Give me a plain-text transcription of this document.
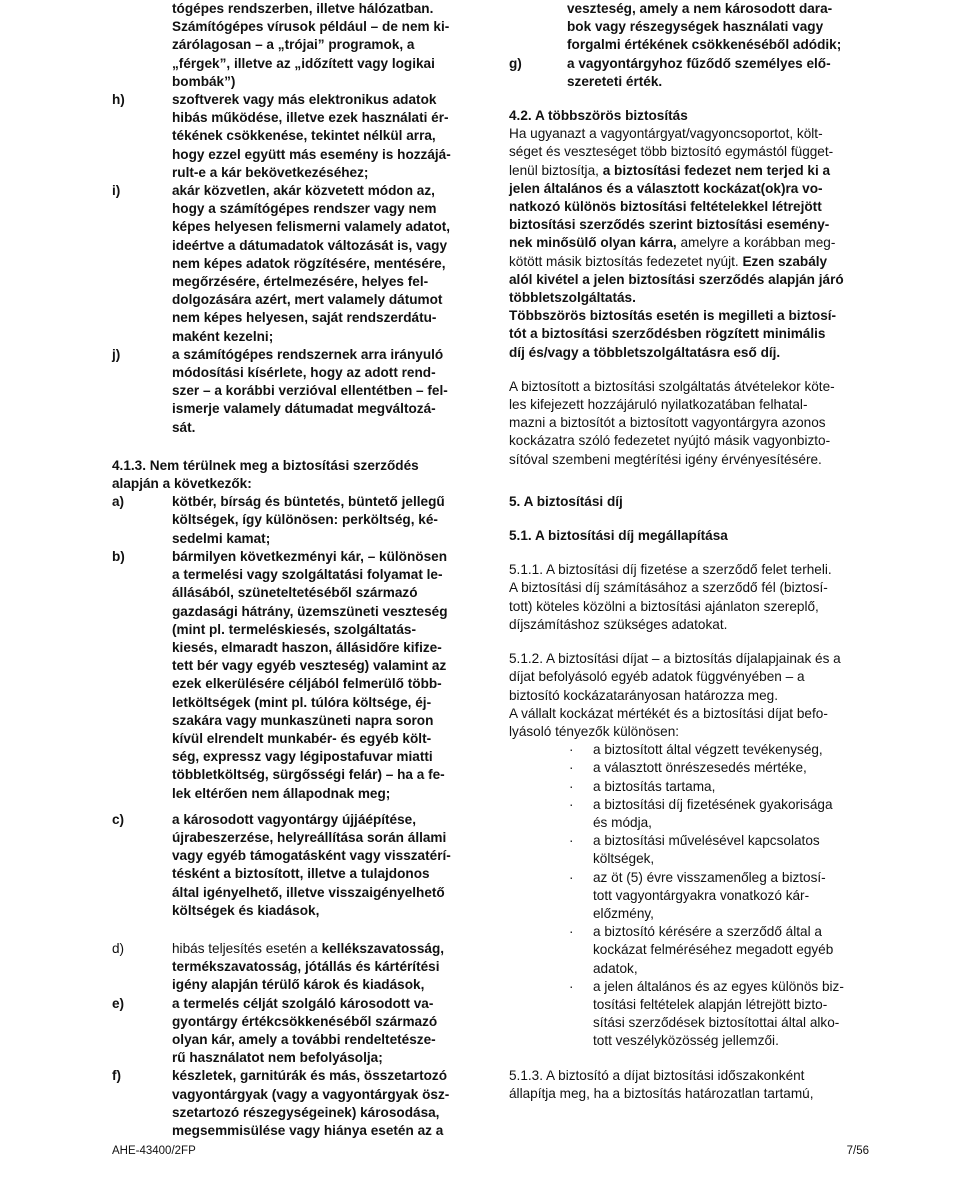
tógépes rendszerben, illetve hálózatban.
Számítógépes vírusok például – de nem ki-
zárólagosan – a „trójai” programok, a
„férgek”, illetve az „időzített vagy logikai
bombák”)

h)	szoftverek vagy más elektronikus adatok
hibás működése, illetve ezek használati ér-
tékének csökkenése, tekintet nélkül arra,
hogy ezzel együtt más esemény is hozzájá-
rult-e a kár bekövetkezéséhez;
i)	akár közvetlen, akár közvetett módon az,
hogy a számítógépes rendszer vagy nem
képes helyesen felismerni valamely adatot,
ideértve a dátumadatok változását is, vagy
nem képes adatok rögzítésére, mentésére,
megőrzésére, értelmezésére, helyes fel-
dolgozására azért, mert valamely dátumot
nem képes helyesen, saját rendszerdátu-
maként kezelni;
j)	a számítógépes rendszernek arra irányuló
módosítási kísérlete, hogy az adott rend-
szer – a korábbi verzióval ellentétben – fel-
ismerje valamely dátumadat megváltozá-
sát.

4.1.3. Nem térülnek meg a biztosítási szerződés
alapján a következők:

a)	kötbér, bírság és büntetés, büntető jellegű
költségek, így különösen: perköltség, ké-
sedelmi kamat;
b)	bármilyen következményi kár, – különösen
a termelési vagy szolgáltatási folyamat le-
állásából, szüneteltetéséből származó
gazdasági hátrány, üzemszüneti veszteség
(mint pl. termeléskiesés, szolgáltatás-
kiesés, elmaradt haszon, állásidőre kifize-
tett bér vagy egyéb veszteség) valamint az
ezek elkerülésére céljából felmerülő több-
letköltségek (mint pl. túlóra költsége, éj-
szakára vagy munkaszüneti napra soron
kívül elrendelt munkabér- és egyéb költ-
ség, expressz vagy légipostafuvar miatti
többletköltség, sürgősségi felár) – ha a fe-
lek eltérően nem állapodnak meg;
c)	a károsodott vagyontárgy újjáépítése,
újrabeszerzése, helyreállítása során állami
vagy egyéb támogatásként vagy visszatérí-
tésként a biztosított, illetve a tulajdonos
által igényelhető, illetve visszaigényelhető
költségek és kiadások,
d)	hibás teljesítés esetén a kellékszavatosság,
termékszavatosság, jótállás és kártérítési
igény alapján térülő károk és kiadások,
e)	a termelés célját szolgáló károsodott va-
gyontárgy értékcsökkenéséből származó
olyan kár, amely a további rendeltetésze-
rű használatot nem befolyásolja;
f)	készletek, garnitúrák és más, összetartozó
vagyontárgyak (vagy a vagyontárgyak ösz-
szetartozó részegységeinek) károsodása,
megsemmisülése vagy hiánya esetén az a

veszteség, amely a nem károsodott dara-
bok vagy részegységek használati vagy
forgalmi értékének csökkenéséből adódik;

g)	a vagyontárgyhoz fűződő személyes elő-
szereteti érték.

4.2. A többszörös biztosítás

Ha ugyanazt a vagyontárgyat/vagyoncsoportot, költ-
séget és veszteséget több biztosító egymástól függet-
lenül biztosítja, a biztosítási fedezet nem terjed ki a
jelen általános és a választott kockázat(ok)ra vo-
natkozó különös biztosítási feltételekkel létrejött
biztosítási szerződés szerint biztosítási esemény-
nek minősülő olyan kárra, amelyre a korábban meg-
kötött másik biztosítás fedezetet nyújt. Ezen szabály
alól kivétel a jelen biztosítási szerződés alapján járó
többletszolgáltatás.
Többszörös biztosítás esetén is megilleti a biztosí-
tót a biztosítási szerződésben rögzített minimális
díj és/vagy a többletszolgáltatásra eső díj.

A biztosított a biztosítási szolgáltatás átvételekor köte-
les kifejezett hozzájáruló nyilatkozatában felhatal-
mazni a biztosítót a biztosított vagyontárgyra azonos
kockázatra szóló fedezetet nyújtó másik vagyonbizto-
sítóval szembeni megtérítési igény érvényesítésére.

5. A biztosítási díj

5.1. A biztosítási díj megállapítása

5.1.1. A biztosítási díj fizetése a szerződő felet terheli.
A biztosítási díj számításához a szerződő fél (biztosí-
tott) köteles közölni a biztosítási ajánlaton szereplő,
díjszámításhoz szükséges adatokat.

5.1.2. A biztosítási díjat – a biztosítás díjalapjainak és a
díjat befolyásoló egyéb adatok függvényében – a
biztosító kockázatarányosan határozza meg.
A vállalt kockázat mértékét és a biztosítási díjat befo-
lyásoló tényezők különösen:

·	a biztosított által végzett tevékenység,
·	a választott önrészesedés mértéke,
·	a biztosítás tartama,
·	a biztosítási díj fizetésének gyakorisága
és módja,
·	a biztosítási művelésével kapcsolatos
költségek,
·	az öt (5) évre visszamenőleg a biztosí-
tott vagyontárgyakra vonatkozó kár-
előzmény,
·	a biztosító kérésére a szerződő által a
kockázat felméréséhez megadott egyéb
adatok,
·	a jelen általános és az egyes különös biz-
tosítási feltételek alapján létrejött bizto-
sítási szerződések biztosítottai által alko-
tott veszélyközösség jellemzői.

5.1.3. A biztosító a díjat biztosítási időszakonként
állapítja meg, ha a biztosítás határozatlan tartamú,

AHE-43400/2FP	7/56
